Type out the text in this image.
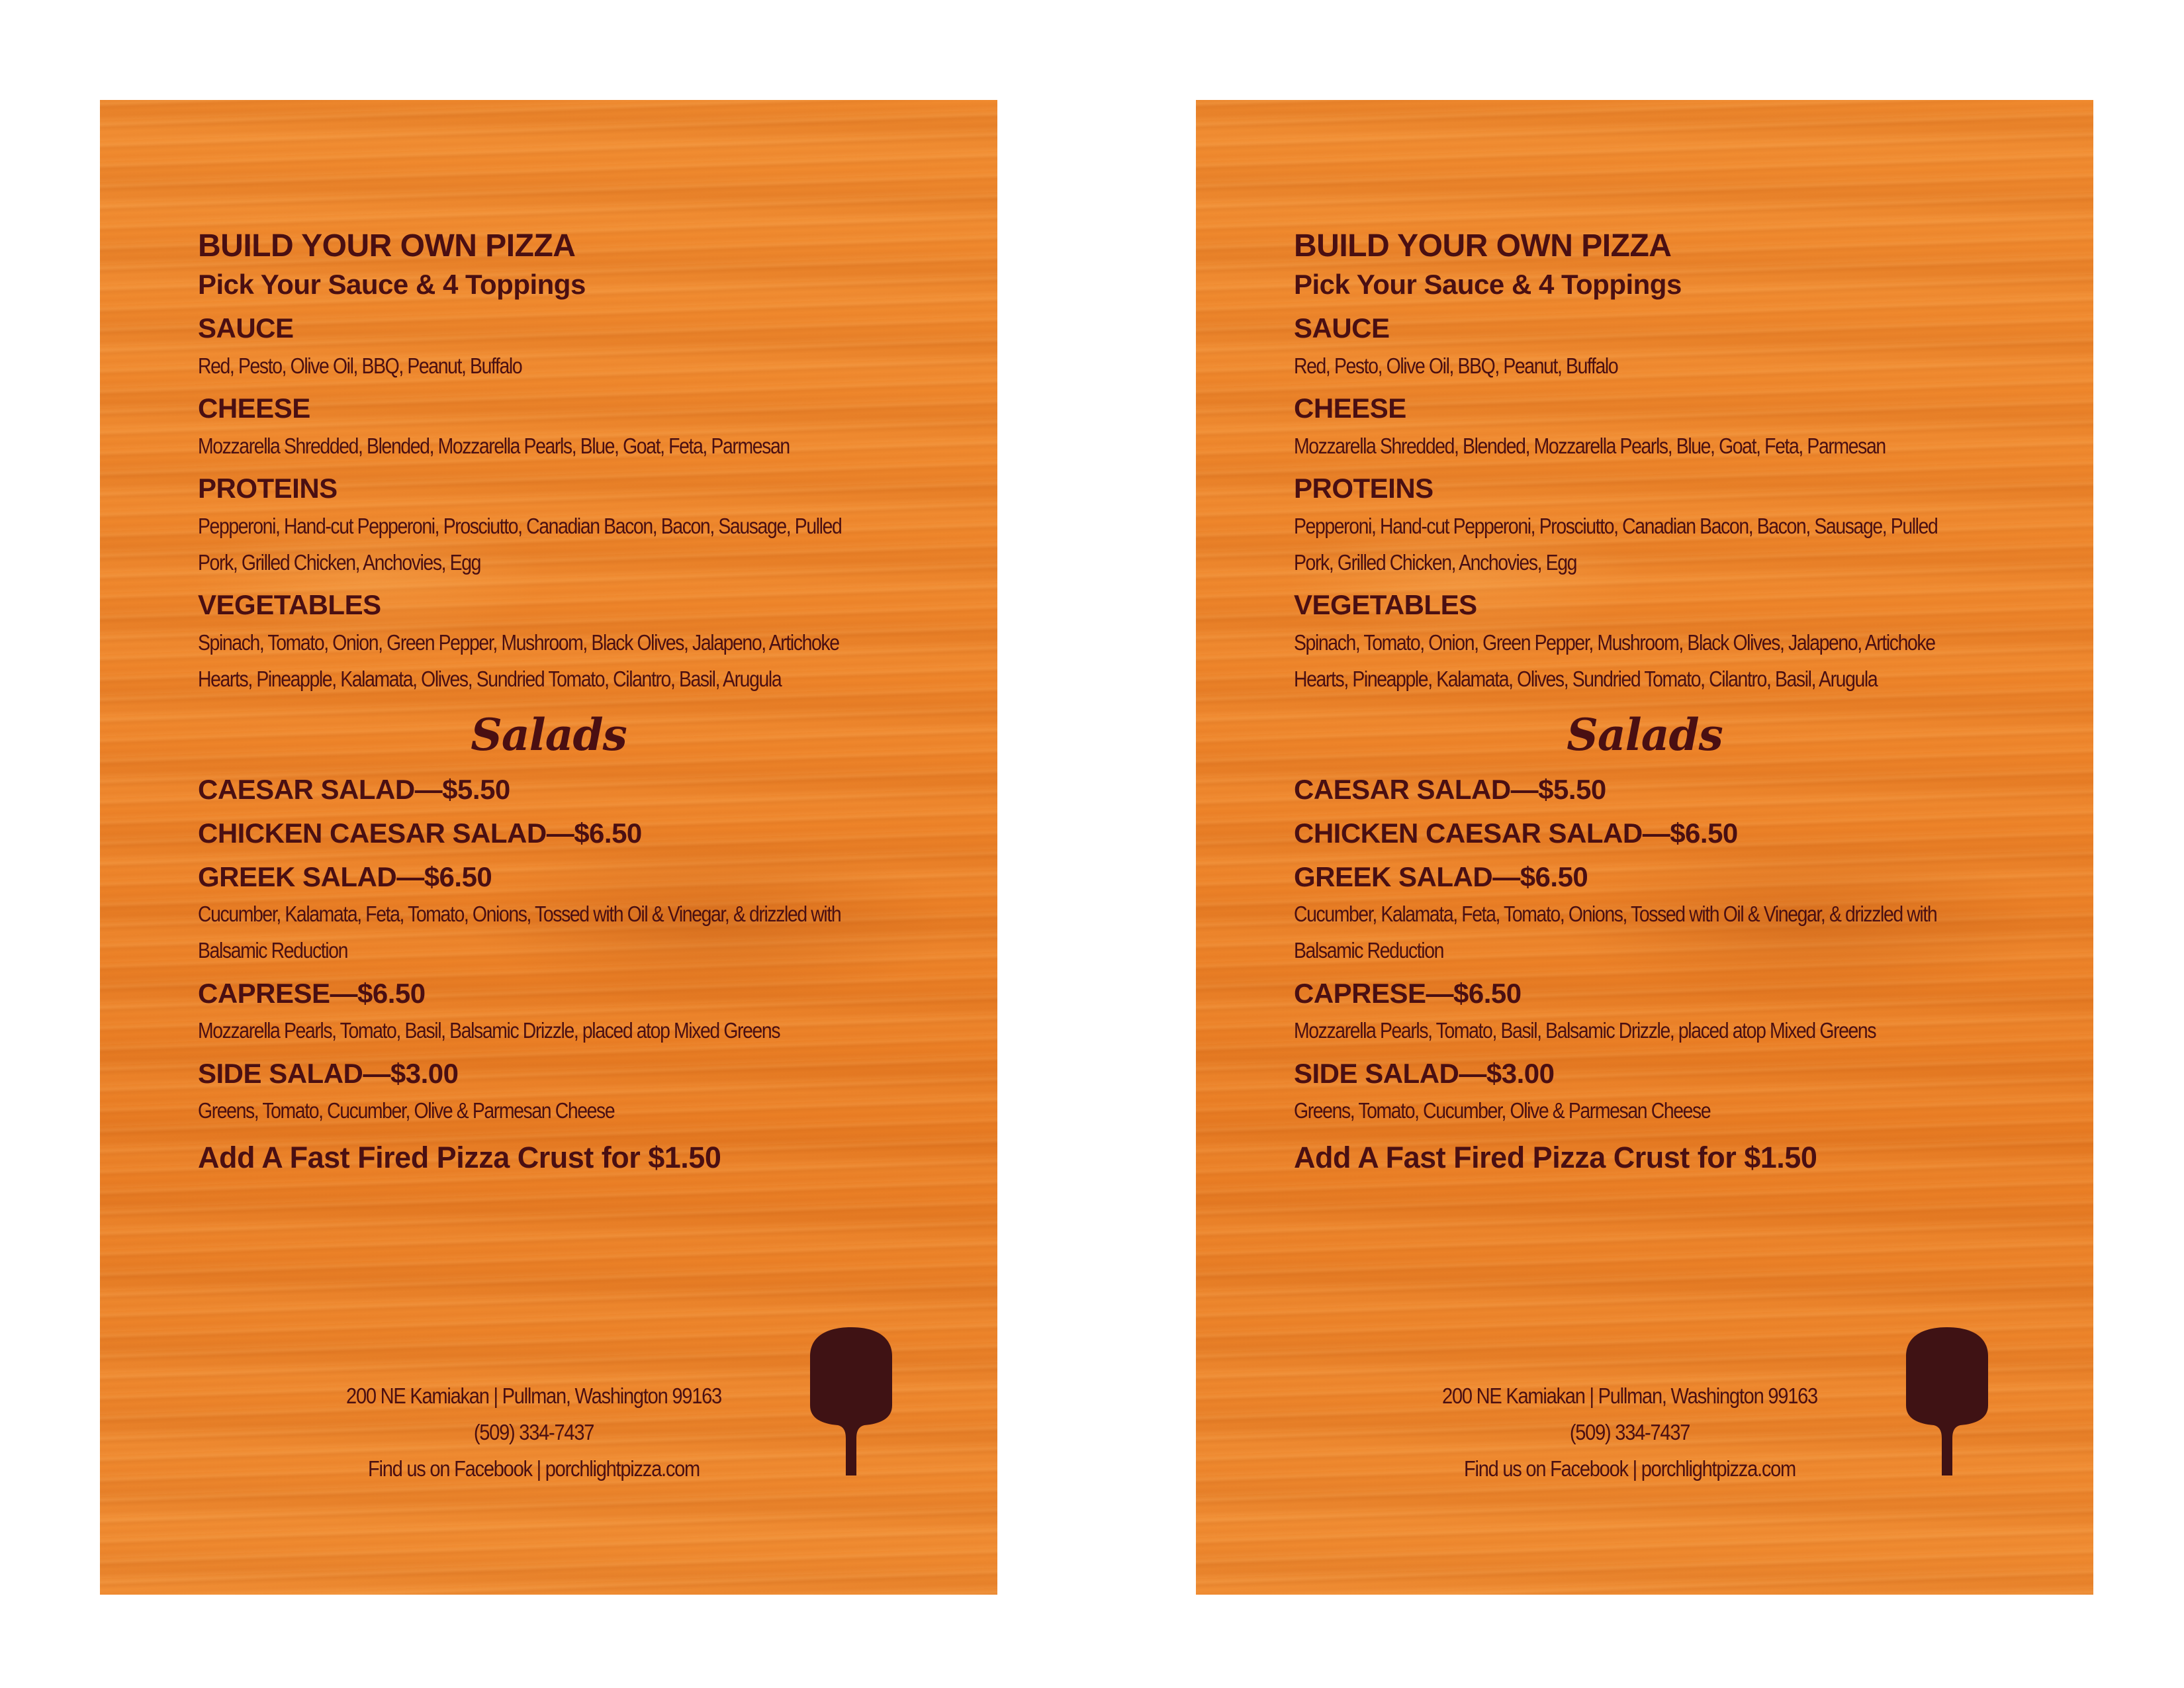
BUILD YOUR OWN PIZZA

Pick Your Sauce & 4 Toppings

SAUCE

Red, Pesto, Olive Oil, BBQ, Peanut, Buffalo

CHEESE

Mozzarella Shredded, Blended, Mozzarella Pearls, Blue, Goat, Feta, Parmesan

PROTEINS

Pepperoni, Hand-cut Pepperoni, Prosciutto, Canadian Bacon, Bacon, Sausage, Pulled Pork, Grilled Chicken, Anchovies, Egg

VEGETABLES

Spinach, Tomato, Onion, Green Pepper, Mushroom, Black Olives, Jalapeno, Artichoke Hearts, Pineapple, Kalamata, Olives, Sundried Tomato, Cilantro, Basil, Arugula

Salads

CAESAR SALAD—$5.50

CHICKEN CAESAR SALAD—$6.50

GREEK SALAD—$6.50

Cucumber, Kalamata, Feta, Tomato, Onions, Tossed with Oil & Vinegar, & drizzled with Balsamic Reduction

CAPRESE—$6.50

Mozzarella Pearls, Tomato, Basil, Balsamic Drizzle, placed atop Mixed Greens

SIDE SALAD—$3.00

Greens, Tomato, Cucumber, Olive & Parmesan Cheese

Add A Fast Fired Pizza Crust for $1.50

200 NE Kamiakan | Pullman, Washington 99163
(509) 334-7437
Find us on Facebook | porchlightpizza.com

BUILD YOUR OWN PIZZA

Pick Your Sauce & 4 Toppings

SAUCE

Red, Pesto, Olive Oil, BBQ, Peanut, Buffalo

CHEESE

Mozzarella Shredded, Blended, Mozzarella Pearls, Blue, Goat, Feta, Parmesan

PROTEINS

Pepperoni, Hand-cut Pepperoni, Prosciutto, Canadian Bacon, Bacon, Sausage, Pulled Pork, Grilled Chicken, Anchovies, Egg

VEGETABLES

Spinach, Tomato, Onion, Green Pepper, Mushroom, Black Olives, Jalapeno, Artichoke Hearts, Pineapple, Kalamata, Olives, Sundried Tomato, Cilantro, Basil, Arugula

Salads

CAESAR SALAD—$5.50

CHICKEN CAESAR SALAD—$6.50

GREEK SALAD—$6.50

Cucumber, Kalamata, Feta, Tomato, Onions, Tossed with Oil & Vinegar, & drizzled with Balsamic Reduction

CAPRESE—$6.50

Mozzarella Pearls, Tomato, Basil, Balsamic Drizzle, placed atop Mixed Greens

SIDE SALAD—$3.00

Greens, Tomato, Cucumber, Olive & Parmesan Cheese

Add A Fast Fired Pizza Crust for $1.50

200 NE Kamiakan | Pullman, Washington 99163
(509) 334-7437
Find us on Facebook | porchlightpizza.com
